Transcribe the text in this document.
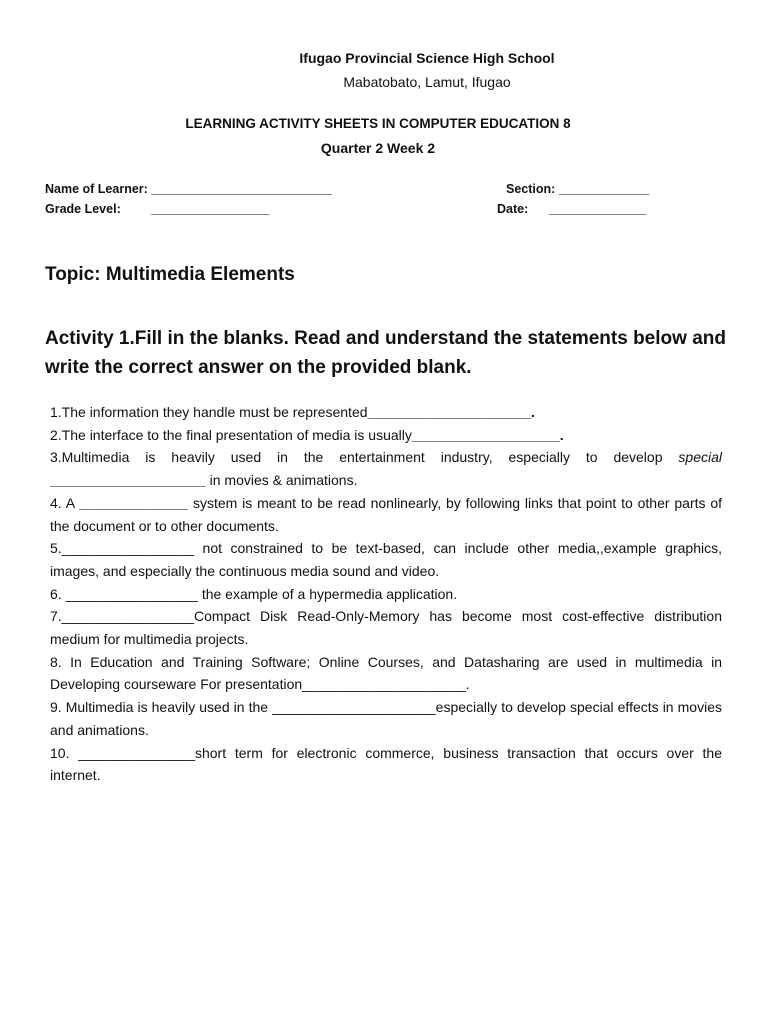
Ifugao Provincial Science High School
Mabatobato, Lamut, Ifugao
LEARNING ACTIVITY SHEETS IN COMPUTER EDUCATION 8
Quarter 2 Week 2
Name of Learner: __________________________	Section: _____________
Grade Level: _________________	Date: ______________
Topic: Multimedia Elements
Activity 1.Fill in the blanks. Read and understand the statements below and write the correct answer on the provided blank.

1.The information they handle must be represented_____________________.

2.The interface to the final presentation of media is usually___________________.

3.Multimedia is heavily used in the entertainment industry, especially to develop special ____________________ in movies & animations.

4. A ______________ system is meant to be read nonlinearly, by following links that point to other parts of the document or to other documents.

5._________________ not constrained to be text-based, can include other media,,example graphics, images, and especially the continuous media sound and video.

6. _________________ the example of a hypermedia application.

7._________________Compact Disk Read-Only-Memory has become most cost-effective distribution medium for multimedia projects.

8. In Education and Training Software; Online Courses, and Datasharing are used in multimedia in Developing courseware For presentation_____________________.

9. Multimedia is heavily used in the _____________________especially to develop special effects in movies and animations.

10. _______________short term for electronic commerce, business transaction that occurs over the internet.
